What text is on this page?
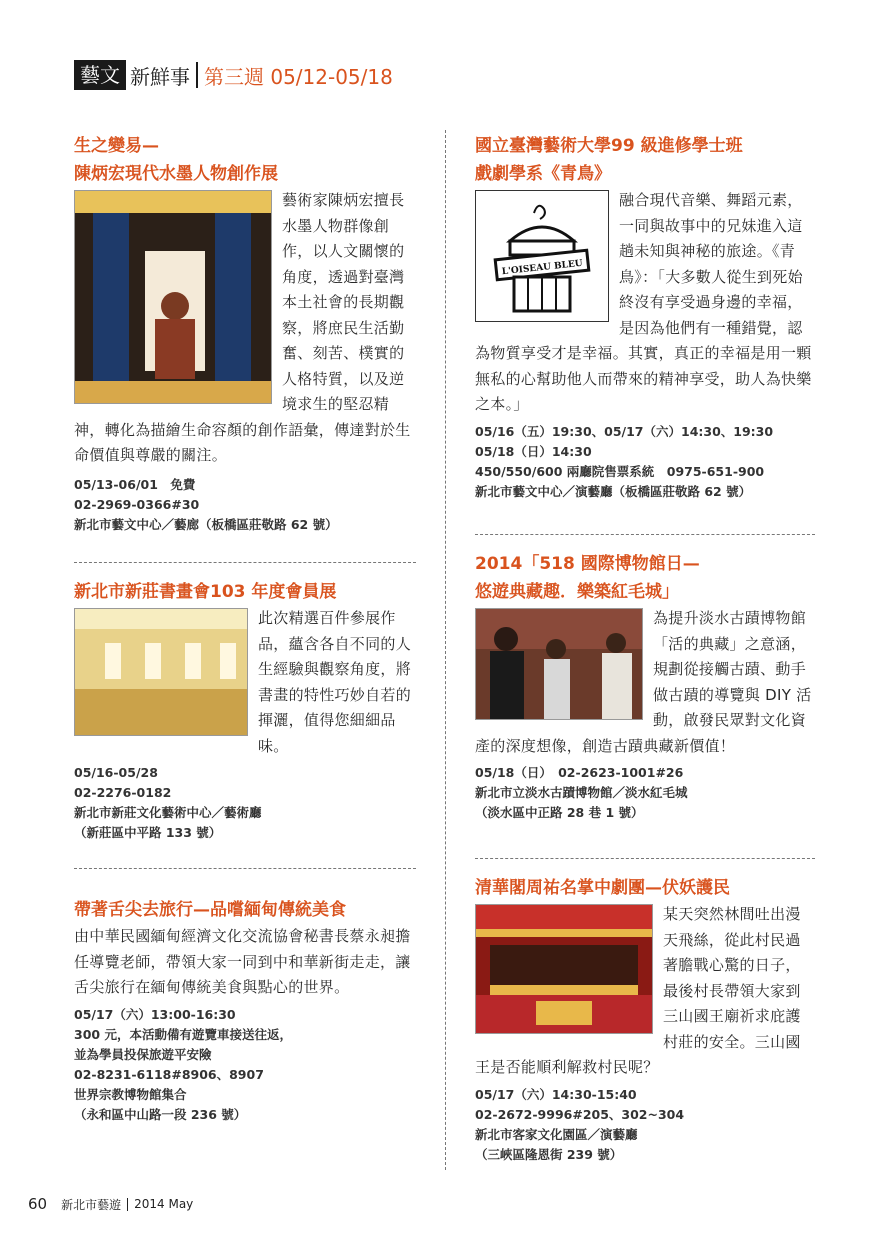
藝文 新鮮事 第三週 05/12-05/18

生之變易—

陳炳宏現代水墨人物創作展

藝術家陳炳宏擅長水墨人物群像創作，以人文關懷的角度，透過對臺灣本土社會的長期觀察，將庶民生活勤奮、刻苦、樸實的人格特質，以及逆境求生的堅忍精神，轉化為描繪生命容顏的創作語彙，傳達對於生命價值與尊嚴的關注。
05/13-06/01　免費
02-2969-0366#30
新北市藝文中心／藝廊（板橋區莊敬路 62 號）

新北市新莊書畫會103 年度會員展

此次精選百件參展作品，蘊含各自不同的人生經驗與觀察角度，將書畫的特性巧妙自若的揮灑，值得您細細品味。
05/16-05/28
02-2276-0182
新北市新莊文化藝術中心／藝術廳
（新莊區中平路 133 號）

帶著舌尖去旅行—品嚐緬甸傳統美食

由中華民國緬甸經濟文化交流協會秘書長蔡永昶擔任導覽老師，帶領大家一同到中和華新街走走，讓舌尖旅行在緬甸傳統美食與點心的世界。
05/17（六）13:00-16:30
300 元，本活動備有遊覽車接送往返，
並為學員投保旅遊平安險
02-8231-6118#8906、8907
世界宗教博物館集合
（永和區中山路一段 236 號）

國立臺灣藝術大學99 級進修學士班

戲劇學系《青鳥》

L'OISEAU BLEU
融合現代音樂、舞蹈元素，一同與故事中的兄妹進入這趟未知與神秘的旅途。《青鳥》：「大多數人從生到死始終沒有享受過身邊的幸福，是因為他們有一種錯覺，認為物質享受才是幸福。其實，真正的幸福是用一顆無私的心幫助他人而帶來的精神享受，助人為快樂之本。」
05/16（五）19:30、05/17（六）14:30、19:30
05/18（日）14:30
450/550/600 兩廳院售票系統　0975-651-900
新北市藝文中心／演藝廳（板橋區莊敬路 62 號）

2014「518 國際博物館日—

悠遊典藏趣．樂築紅毛城」

為提升淡水古蹟博物館「活的典藏」之意涵，規劃從接觸古蹟、動手做古蹟的導覽與 DIY 活動，啟發民眾對文化資產的深度想像，創造古蹟典藏新價值！
05/18（日）　02-2623-1001#26
新北市立淡水古蹟博物館／淡水紅毛城
（淡水區中正路 28 巷 1 號）

清華閣周祐名掌中劇團—伏妖護民

某天突然林間吐出漫天飛絲，從此村民過著膽戰心驚的日子，最後村長帶領大家到三山國王廟祈求庇護村莊的安全。三山國王是否能順利解救村民呢？
05/17（六）14:30-15:40
02-2672-9996#205、302~304
新北市客家文化園區／演藝廳
（三峽區隆恩街 239 號）
60 新北市藝遊 2014 May
